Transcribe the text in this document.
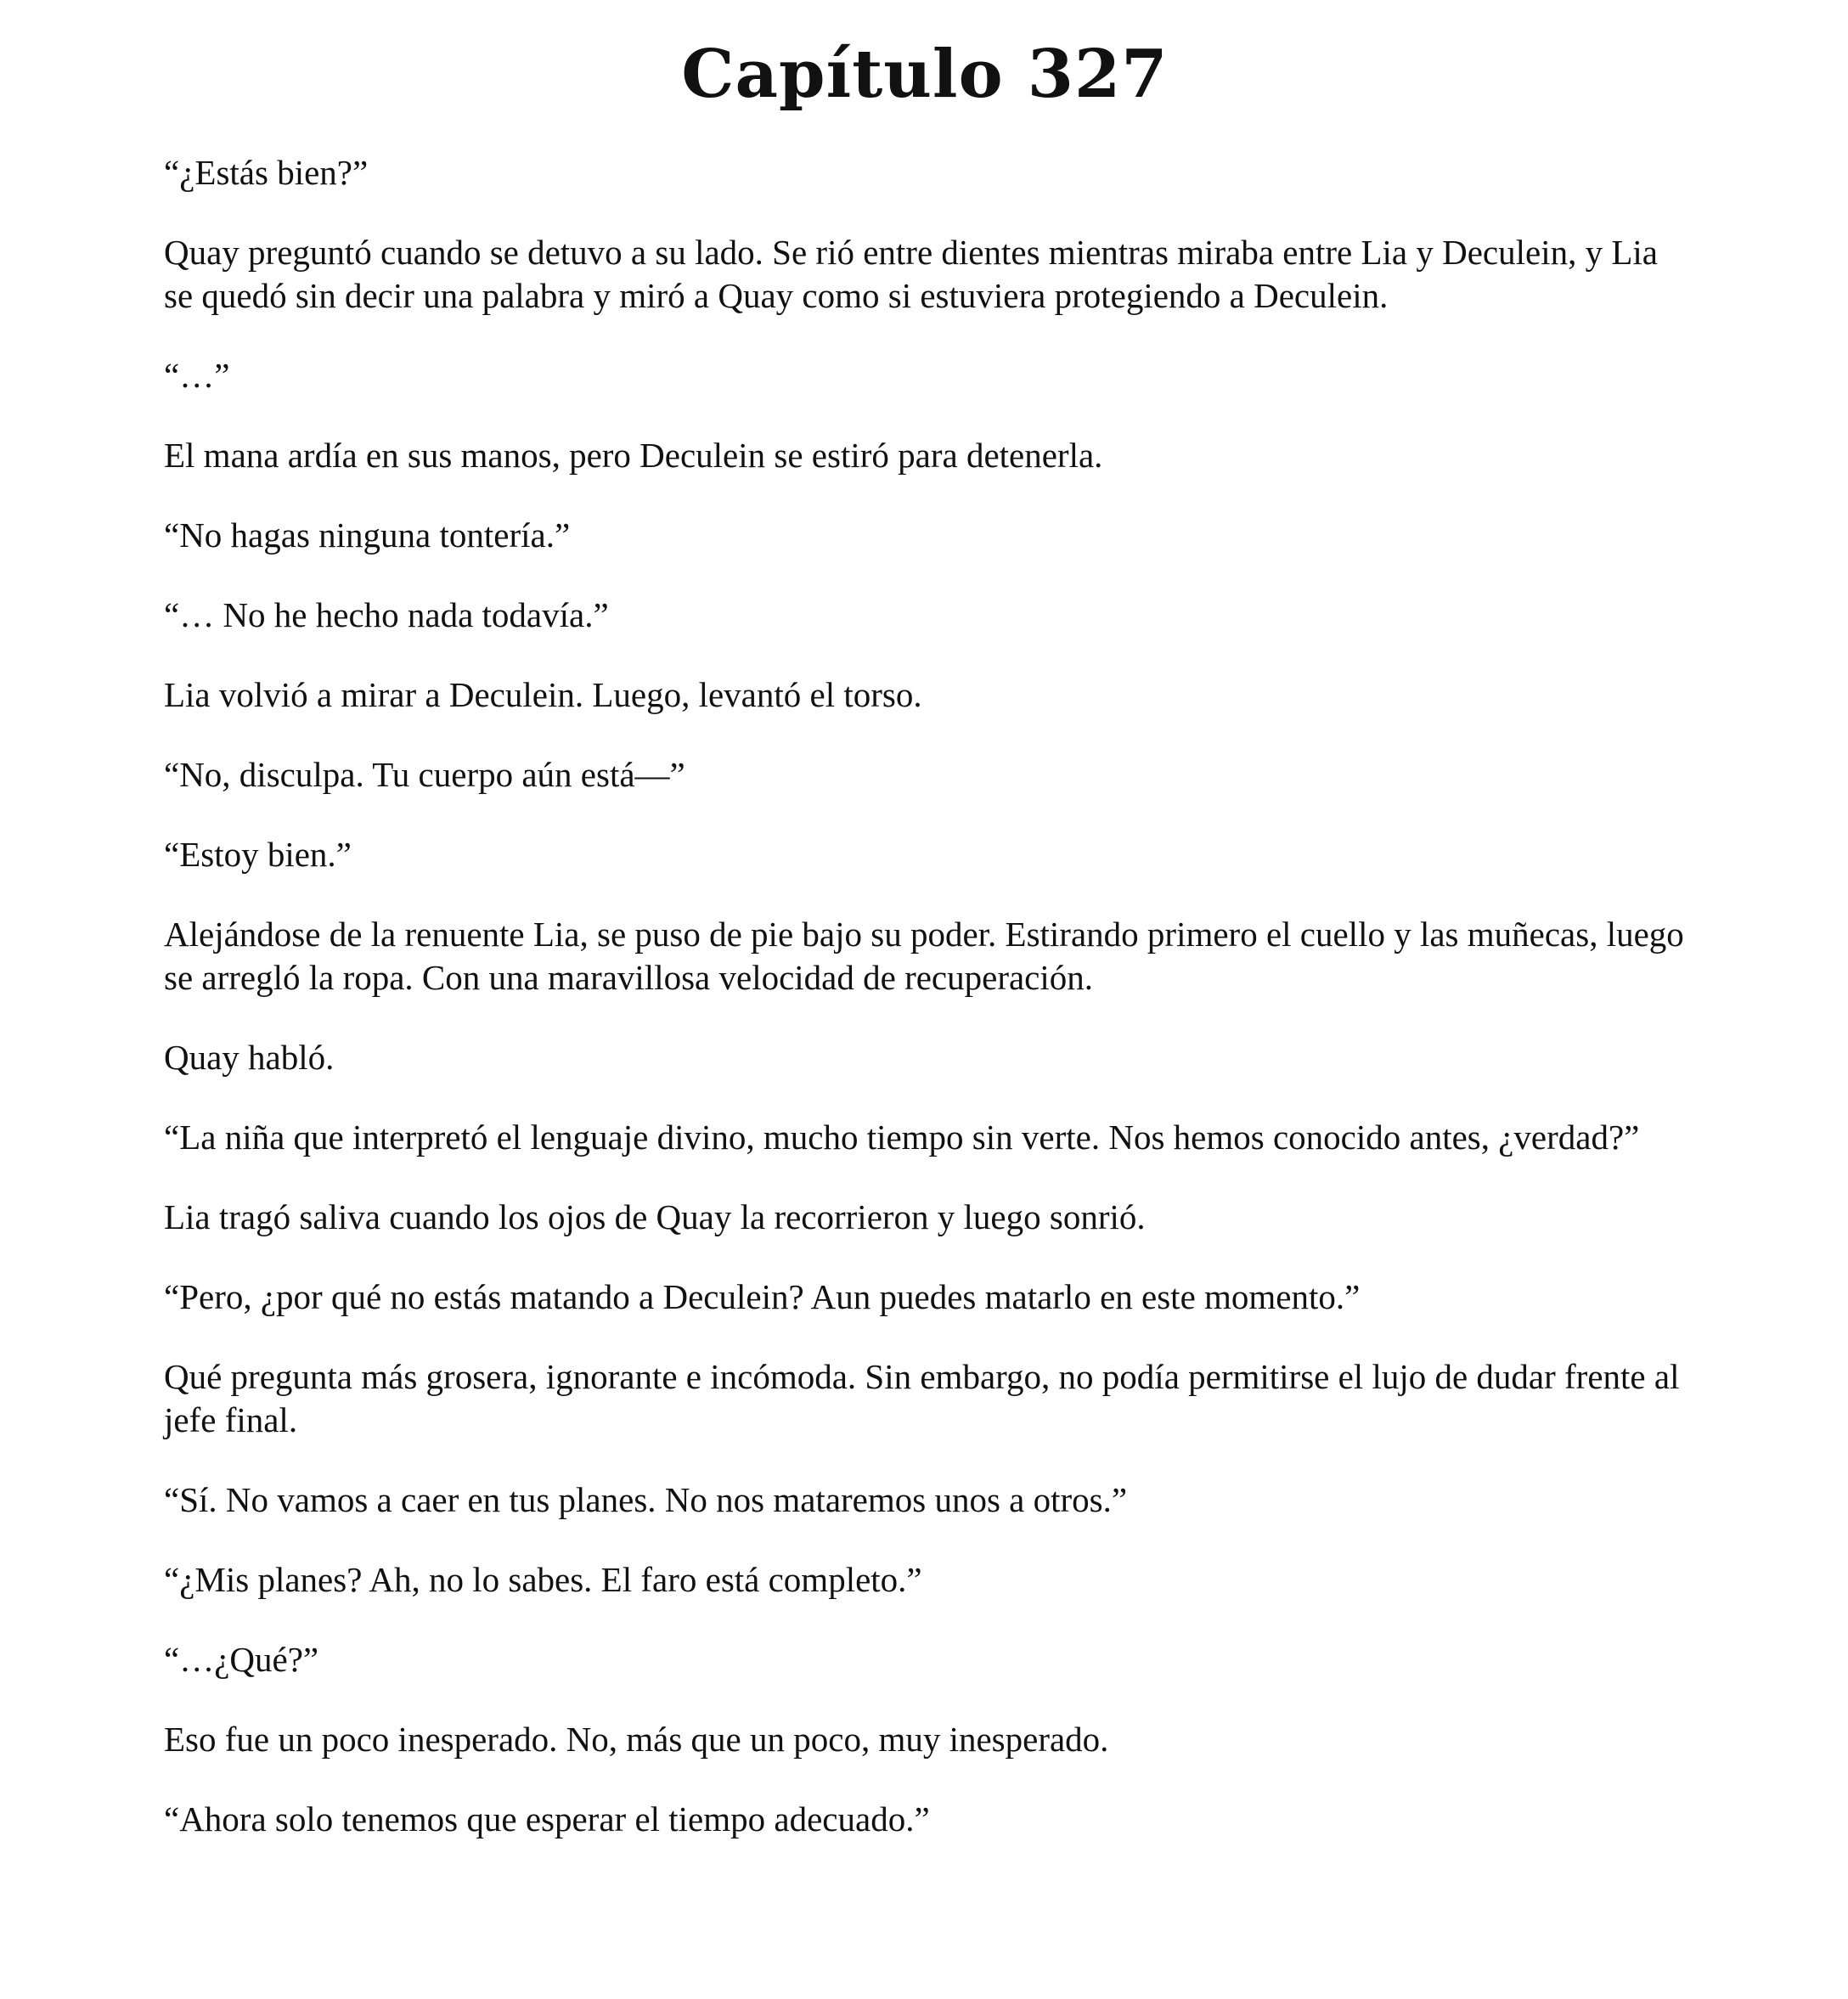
Capítulo 327

“¿Estás bien?”

Quay preguntó cuando se detuvo a su lado. Se rió entre dientes mientras miraba entre Lia y Deculein, y Lia se quedó sin decir una palabra y miró a Quay como si estuviera protegiendo a Deculein.

“…”

El mana ardía en sus manos, pero Deculein se estiró para detenerla.

“No hagas ninguna tontería.”

“… No he hecho nada todavía.”

Lia volvió a mirar a Deculein. Luego, levantó el torso.

“No, disculpa. Tu cuerpo aún está—”

“Estoy bien.”

Alejándose de la renuente Lia, se puso de pie bajo su poder. Estirando primero el cuello y las muñecas, luego se arregló la ropa. Con una maravillosa velocidad de recuperación.

Quay habló.

“La niña que interpretó el lenguaje divino, mucho tiempo sin verte. Nos hemos conocido antes, ¿verdad?”

Lia tragó saliva cuando los ojos de Quay la recorrieron y luego sonrió.

“Pero, ¿por qué no estás matando a Deculein? Aun puedes matarlo en este momento.”

Qué pregunta más grosera, ignorante e incómoda. Sin embargo, no podía permitirse el lujo de dudar frente al jefe final.

“Sí. No vamos a caer en tus planes. No nos mataremos unos a otros.”

“¿Mis planes? Ah, no lo sabes. El faro está completo.”

“…¿Qué?”

Eso fue un poco inesperado. No, más que un poco, muy inesperado.

“Ahora solo tenemos que esperar el tiempo adecuado.”
